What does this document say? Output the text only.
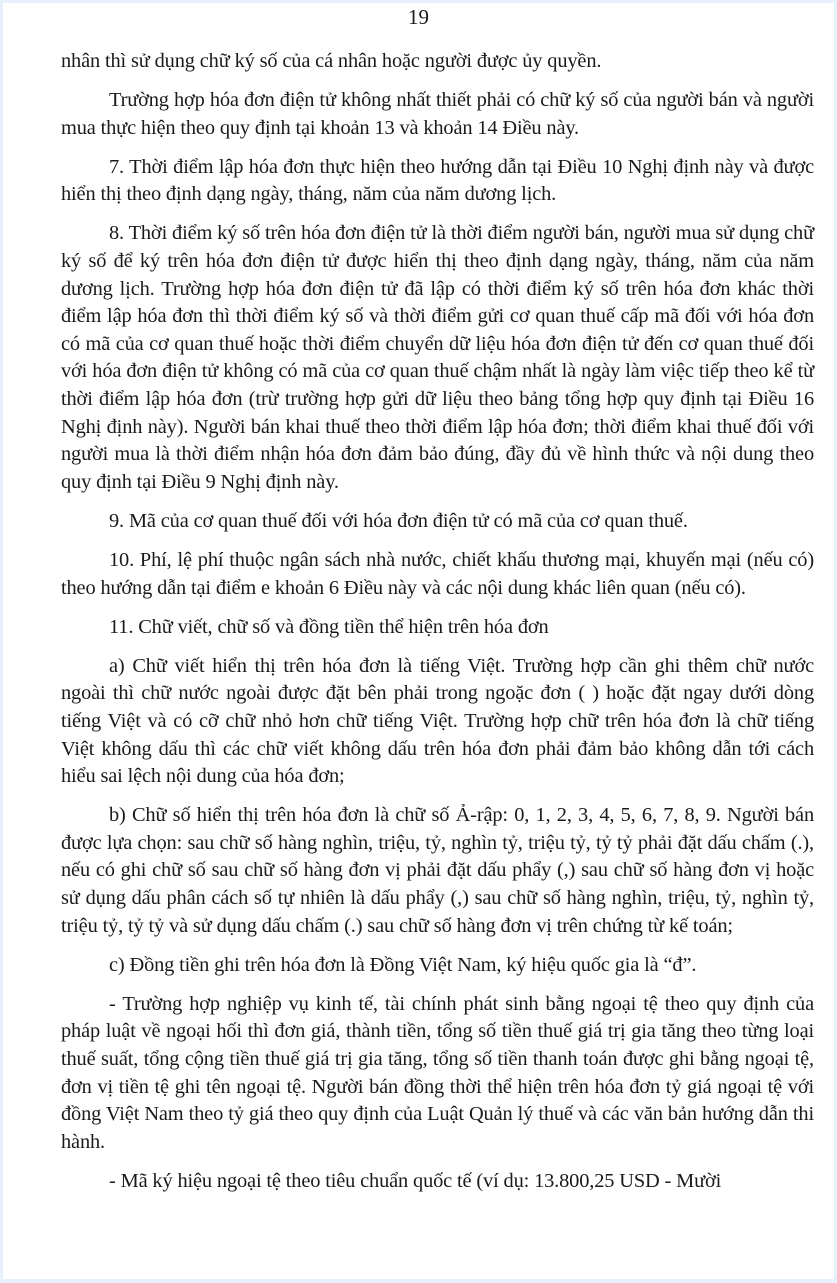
19

nhân thì sử dụng chữ ký số của cá nhân hoặc người được ủy quyền.

Trường hợp hóa đơn điện tử không nhất thiết phải có chữ ký số của người bán và người mua thực hiện theo quy định tại khoản 13 và khoản 14 Điều này.

7. Thời điểm lập hóa đơn thực hiện theo hướng dẫn tại Điều 10 Nghị định này và được hiển thị theo định dạng ngày, tháng, năm của năm dương lịch.

8. Thời điểm ký số trên hóa đơn điện tử là thời điểm người bán, người mua sử dụng chữ ký số để ký trên hóa đơn điện tử được hiển thị theo định dạng ngày, tháng, năm của năm dương lịch. Trường hợp hóa đơn điện tử đã lập có thời điểm ký số trên hóa đơn khác thời điểm lập hóa đơn thì thời điểm ký số và thời điểm gửi cơ quan thuế cấp mã đối với hóa đơn có mã của cơ quan thuế hoặc thời điểm chuyển dữ liệu hóa đơn điện tử đến cơ quan thuế đối với hóa đơn điện tử không có mã của cơ quan thuế chậm nhất là ngày làm việc tiếp theo kể từ thời điểm lập hóa đơn (trừ trường hợp gửi dữ liệu theo bảng tổng hợp quy định tại Điều 16 Nghị định này). Người bán khai thuế theo thời điểm lập hóa đơn; thời điểm khai thuế đối với người mua là thời điểm nhận hóa đơn đảm bảo đúng, đầy đủ về hình thức và nội dung theo quy định tại Điều 9 Nghị định này.

9. Mã của cơ quan thuế đối với hóa đơn điện tử có mã của cơ quan thuế.

10. Phí, lệ phí thuộc ngân sách nhà nước, chiết khấu thương mại, khuyến mại (nếu có) theo hướng dẫn tại điểm e khoản 6 Điều này và các nội dung khác liên quan (nếu có).

11. Chữ viết, chữ số và đồng tiền thể hiện trên hóa đơn

a) Chữ viết hiển thị trên hóa đơn là tiếng Việt. Trường hợp cần ghi thêm chữ nước ngoài thì chữ nước ngoài được đặt bên phải trong ngoặc đơn ( ) hoặc đặt ngay dưới dòng tiếng Việt và có cỡ chữ nhỏ hơn chữ tiếng Việt. Trường hợp chữ trên hóa đơn là chữ tiếng Việt không dấu thì các chữ viết không dấu trên hóa đơn phải đảm bảo không dẫn tới cách hiểu sai lệch nội dung của hóa đơn;

b) Chữ số hiển thị trên hóa đơn là chữ số Ả-rập: 0, 1, 2, 3, 4, 5, 6, 7, 8, 9. Người bán được lựa chọn: sau chữ số hàng nghìn, triệu, tỷ, nghìn tỷ, triệu tỷ, tỷ tỷ phải đặt dấu chấm (.), nếu có ghi chữ số sau chữ số hàng đơn vị phải đặt dấu phẩy (,) sau chữ số hàng đơn vị hoặc sử dụng dấu phân cách số tự nhiên là dấu phẩy (,) sau chữ số hàng nghìn, triệu, tỷ, nghìn tỷ, triệu tỷ, tỷ tỷ và sử dụng dấu chấm (.) sau chữ số hàng đơn vị trên chứng từ kế toán;

c) Đồng tiền ghi trên hóa đơn là Đồng Việt Nam, ký hiệu quốc gia là “đ”.

- Trường hợp nghiệp vụ kinh tế, tài chính phát sinh bằng ngoại tệ theo quy định của pháp luật về ngoại hối thì đơn giá, thành tiền, tổng số tiền thuế giá trị gia tăng theo từng loại thuế suất, tổng cộng tiền thuế giá trị gia tăng, tổng số tiền thanh toán được ghi bằng ngoại tệ, đơn vị tiền tệ ghi tên ngoại tệ. Người bán đồng thời thể hiện trên hóa đơn tỷ giá ngoại tệ với đồng Việt Nam theo tỷ giá theo quy định của Luật Quản lý thuế và các văn bản hướng dẫn thi hành.

- Mã ký hiệu ngoại tệ theo tiêu chuẩn quốc tế (ví dụ: 13.800,25 USD - Mười
